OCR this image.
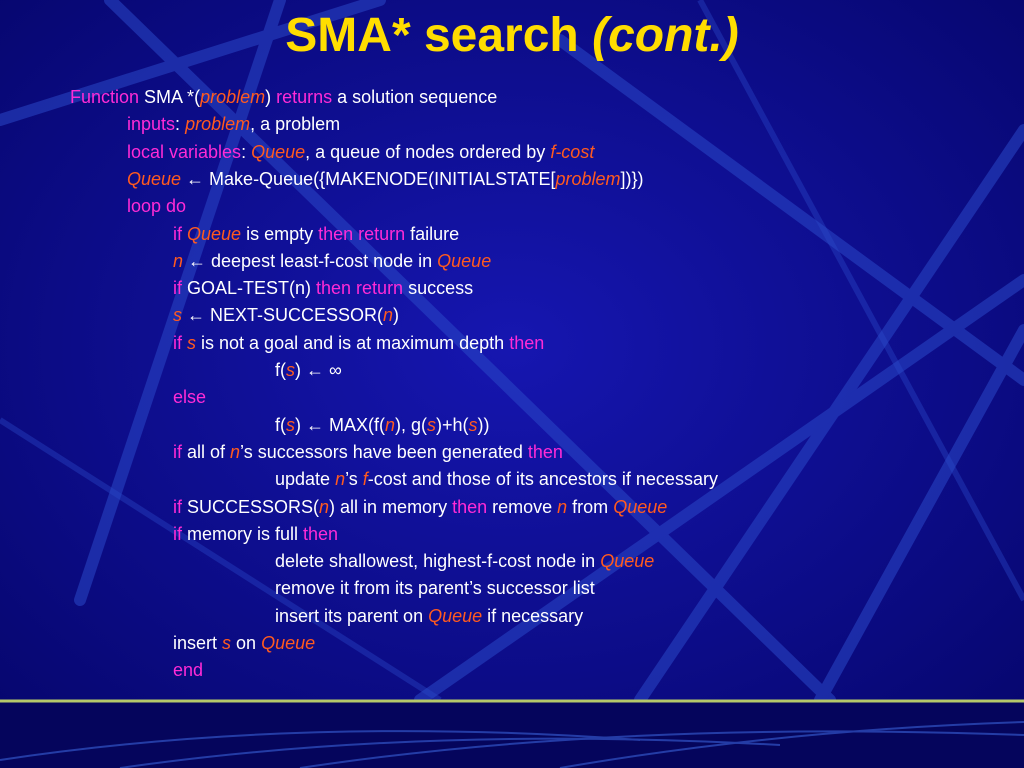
SMA* search (cont.)
Function SMA *(problem) returns a solution sequence
inputs: problem, a problem
local variables: Queue, a queue of nodes ordered by f-cost
Queue ← Make-Queue({MAKENODE(INITIALSTATE[problem])})
loop do
if Queue is empty then return failure
n ← deepest least-f-cost node in Queue
if GOAL-TEST(n) then return success
s ← NEXT-SUCCESSOR(n)
if s is not a goal and is at maximum depth then
f(s) ← ∞
else
f(s) ← MAX(f(n), g(s)+h(s))
if all of n’s successors have been generated then
update n’s f-cost and those of its ancestors if necessary
if SUCCESSORS(n) all in memory then remove n from Queue
if memory is full then
delete shallowest, highest-f-cost node in Queue
remove it from its parent’s successor list
insert its parent on Queue if necessary
insert s on Queue
end
